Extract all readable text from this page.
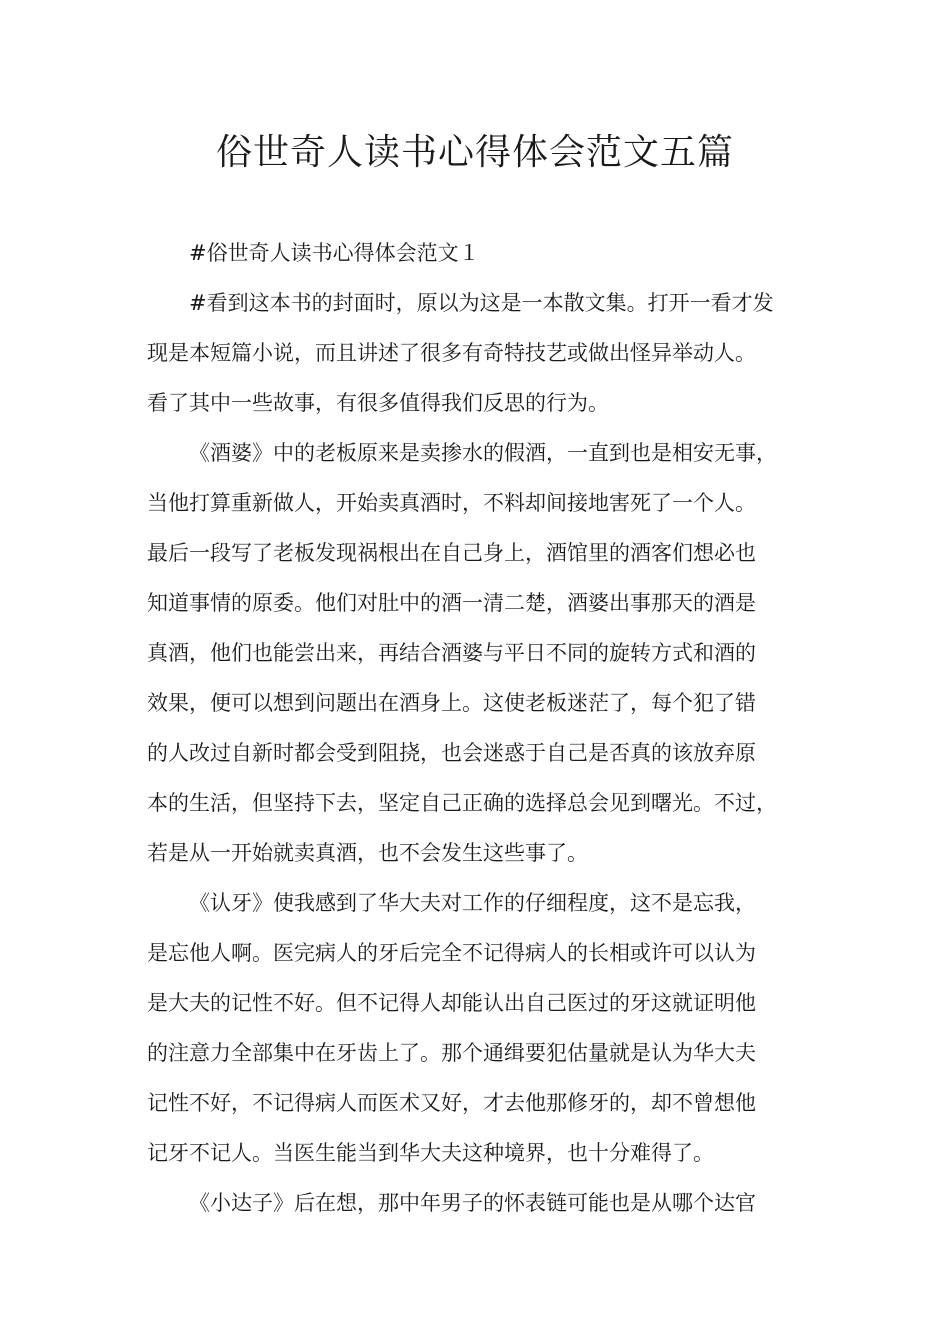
俗世奇人读书心得体会范文五篇
#俗世奇人读书心得体会范文１
#看到这本书的封面时，原以为这是一本散文集。打开一看才发
现是本短篇小说，而且讲述了很多有奇特技艺或做出怪异举动人。
看了其中一些故事，有很多值得我们反思的行为。
《酒婆》中的老板原来是卖掺水的假酒，一直到也是相安无事，
当他打算重新做人，开始卖真酒时，不料却间接地害死了一个人。
最后一段写了老板发现祸根出在自己身上，酒馆里的酒客们想必也
知道事情的原委。他们对肚中的酒一清二楚，酒婆出事那天的酒是
真酒，他们也能尝出来，再结合酒婆与平日不同的旋转方式和酒的
效果，便可以想到问题出在酒身上。这使老板迷茫了，每个犯了错
的人改过自新时都会受到阻挠，也会迷惑于自己是否真的该放弃原
本的生活，但坚持下去，坚定自己正确的选择总会见到曙光。不过，
若是从一开始就卖真酒，也不会发生这些事了。
《认牙》使我感到了华大夫对工作的仔细程度，这不是忘我，
是忘他人啊。医完病人的牙后完全不记得病人的长相或许可以认为
是大夫的记性不好。但不记得人却能认出自己医过的牙这就证明他
的注意力全部集中在牙齿上了。那个通缉要犯估量就是认为华大夫
记性不好，不记得病人而医术又好，才去他那修牙的，却不曾想他
记牙不记人。当医生能当到华大夫这种境界，也十分难得了。
《小达子》后在想，那中年男子的怀表链可能也是从哪个达官
